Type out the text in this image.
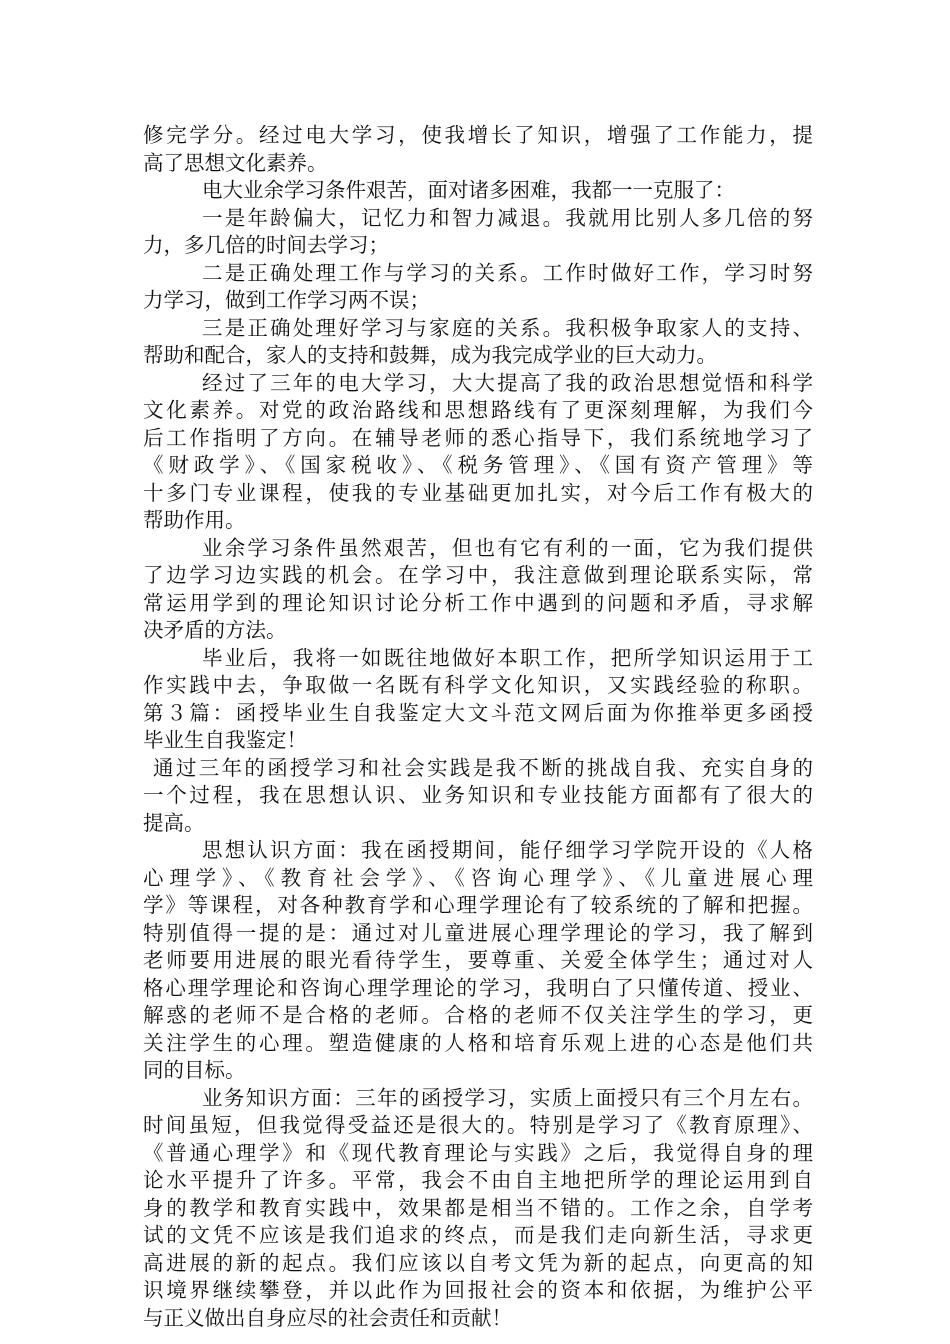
修完学分。经过电大学习，使我增长了知识，增强了工作能力，提
高了思想文化素养。
电大业余学习条件艰苦，面对诸多困难，我都一一克服了：
一是年龄偏大，记忆力和智力减退。我就用比别人多几倍的努
力，多几倍的时间去学习；
二是正确处理工作与学习的关系。工作时做好工作，学习时努
力学习，做到工作学习两不误；
三是正确处理好学习与家庭的关系。我积极争取家人的支持、
帮助和配合，家人的支持和鼓舞，成为我完成学业的巨大动力。
经过了三年的电大学习，大大提高了我的政治思想觉悟和科学
文化素养。对党的政治路线和思想路线有了更深刻理解，为我们今
后工作指明了方向。在辅导老师的悉心指导下，我们系统地学习了
《财政学》、《国家税收》、《税务管理》、《国有资产管理》等
十多门专业课程，使我的专业基础更加扎实，对今后工作有极大的
帮助作用。
业余学习条件虽然艰苦，但也有它有利的一面，它为我们提供
了边学习边实践的机会。在学习中，我注意做到理论联系实际，常
常运用学到的理论知识讨论分析工作中遇到的问题和矛盾，寻求解
决矛盾的方法。
毕业后，我将一如既往地做好本职工作，把所学知识运用于工
作实践中去，争取做一名既有科学文化知识，又实践经验的称职。
第３篇：函授毕业生自我鉴定大文斗范文网后面为你推举更多函授
毕业生自我鉴定！
通过三年的函授学习和社会实践是我不断的挑战自我、充实自身的
一个过程，我在思想认识、业务知识和专业技能方面都有了很大的
提高。
思想认识方面：我在函授期间，能仔细学习学院开设的《人格
心理学》、《教育社会学》、《咨询心理学》、《儿童进展心理
学》等课程，对各种教育学和心理学理论有了较系统的了解和把握。
特别值得一提的是：通过对儿童进展心理学理论的学习，我了解到
老师要用进展的眼光看待学生，要尊重、关爱全体学生；通过对人
格心理学理论和咨询心理学理论的学习，我明白了只懂传道、授业、
解惑的老师不是合格的老师。合格的老师不仅关注学生的学习，更
关注学生的心理。塑造健康的人格和培育乐观上进的心态是他们共
同的目标。
业务知识方面：三年的函授学习，实质上面授只有三个月左右。
时间虽短，但我觉得受益还是很大的。特别是学习了《教育原理》、
《普通心理学》和《现代教育理论与实践》之后，我觉得自身的理
论水平提升了许多。平常，我会不由自主地把所学的理论运用到自
身的教学和教育实践中，效果都是相当不错的。工作之余，自学考
试的文凭不应该是我们追求的终点，而是我们走向新生活，寻求更
高进展的新的起点。我们应该以自考文凭为新的起点，向更高的知
识境界继续攀登，并以此作为回报社会的资本和依据，为维护公平
与正义做出自身应尽的社会责任和贡献！
